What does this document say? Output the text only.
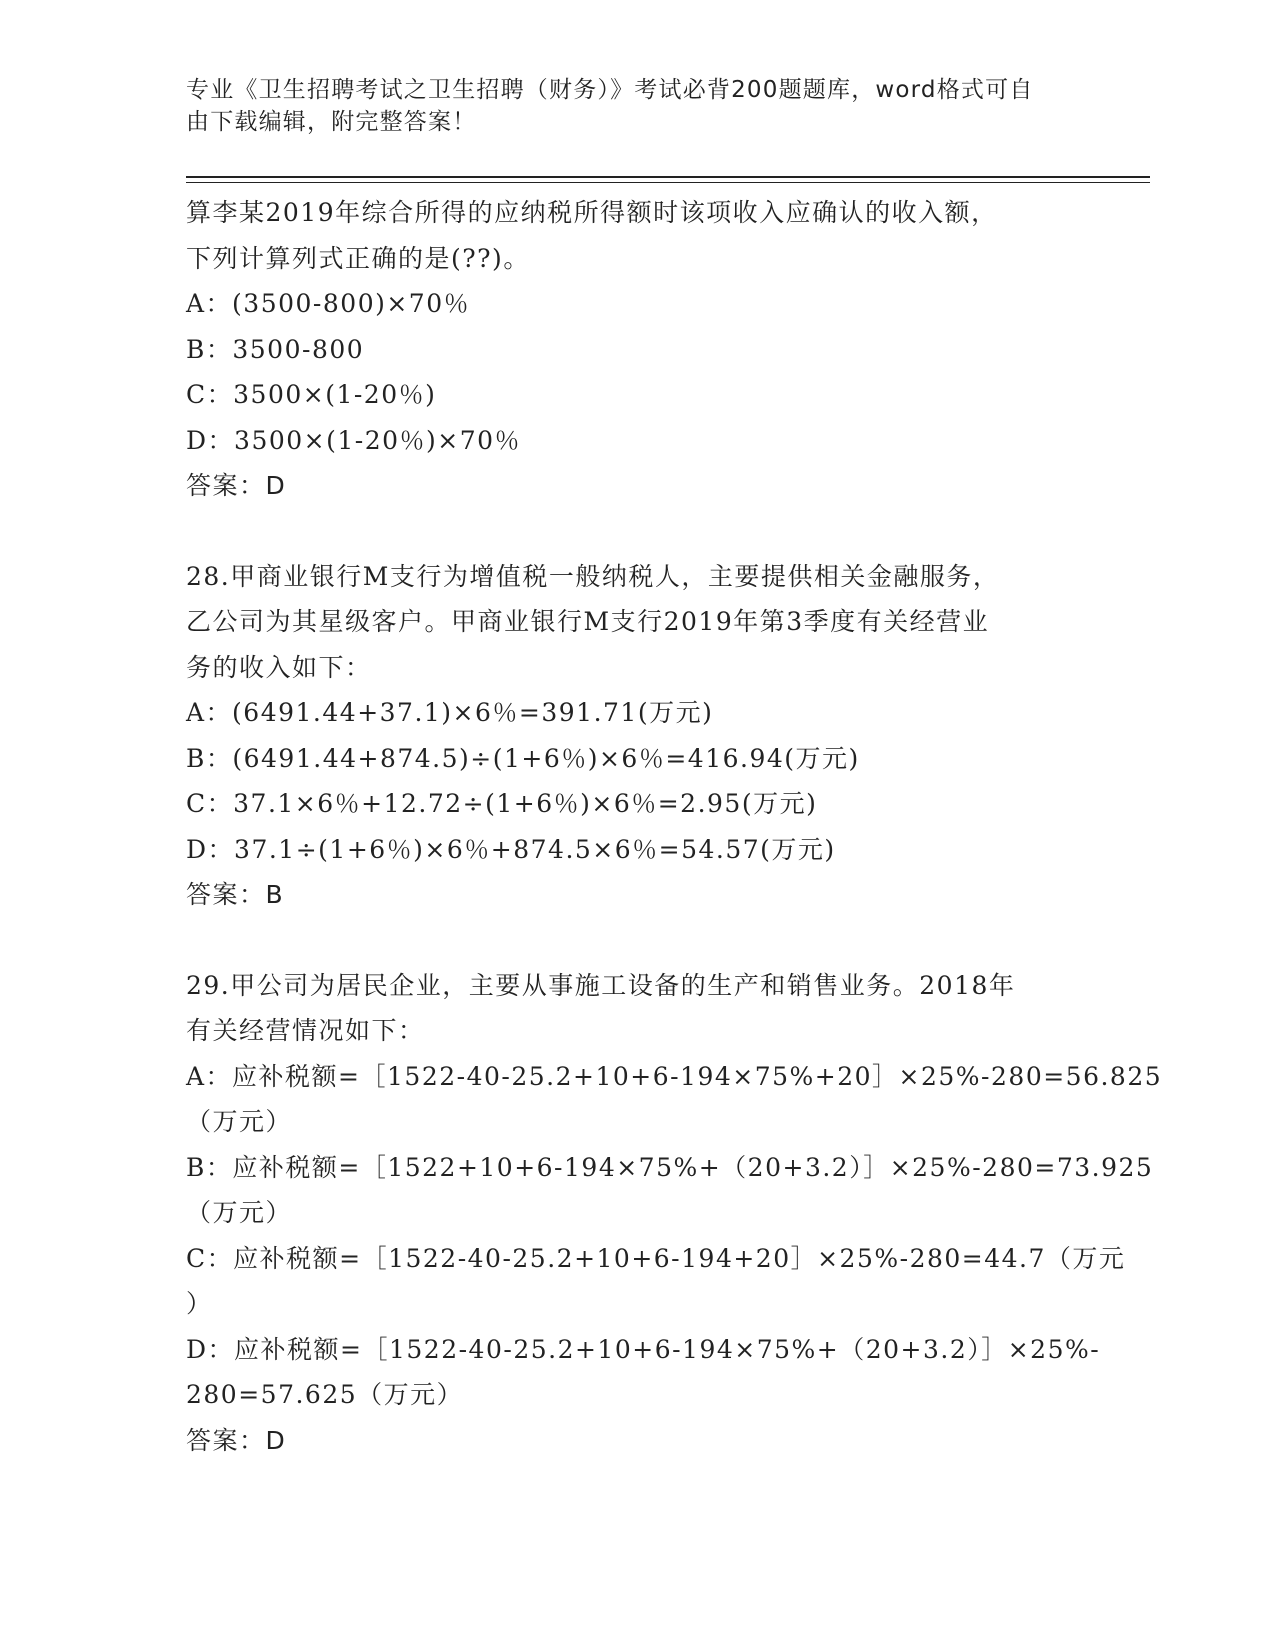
专业《卫生招聘考试之卫生招聘（财务）》考试必背200题题库，word格式可自
由下载编辑，附完整答案！
算李某2019年综合所得的应纳税所得额时该项收入应确认的收入额，
下列计算列式正确的是(??)。
A：(3500-800)×70％
B：3500-800
C：3500×(1-20％)
D：3500×(1-20％)×70％
答案：D
28.甲商业银行M支行为增值税一般纳税人，主要提供相关金融服务，
乙公司为其星级客户。甲商业银行M支行2019年第3季度有关经营业
务的收入如下：
A：(6491.44+37.1)×6％=391.71(万元)
B：(6491.44+874.5)÷(1+6％)×6％=416.94(万元)
C：37.1×6％+12.72÷(1+6％)×6％=2.95(万元)
D：37.1÷(1+6％)×6％+874.5×6％=54.57(万元)
答案：B
29.甲公司为居民企业，主要从事施工设备的生产和销售业务。2018年
有关经营情况如下：
A：应补税额=［1522-40-25.2+10+6-194×75%+20］×25%-280=56.825
（万元）
B：应补税额=［1522+10+6-194×75%+（20+3.2）］×25%-280=73.925
（万元）
C：应补税额=［1522-40-25.2+10+6-194+20］×25%-280=44.7（万元
）
D：应补税额=［1522-40-25.2+10+6-194×75%+（20+3.2）］×25%-
280=57.625（万元）
答案：D
